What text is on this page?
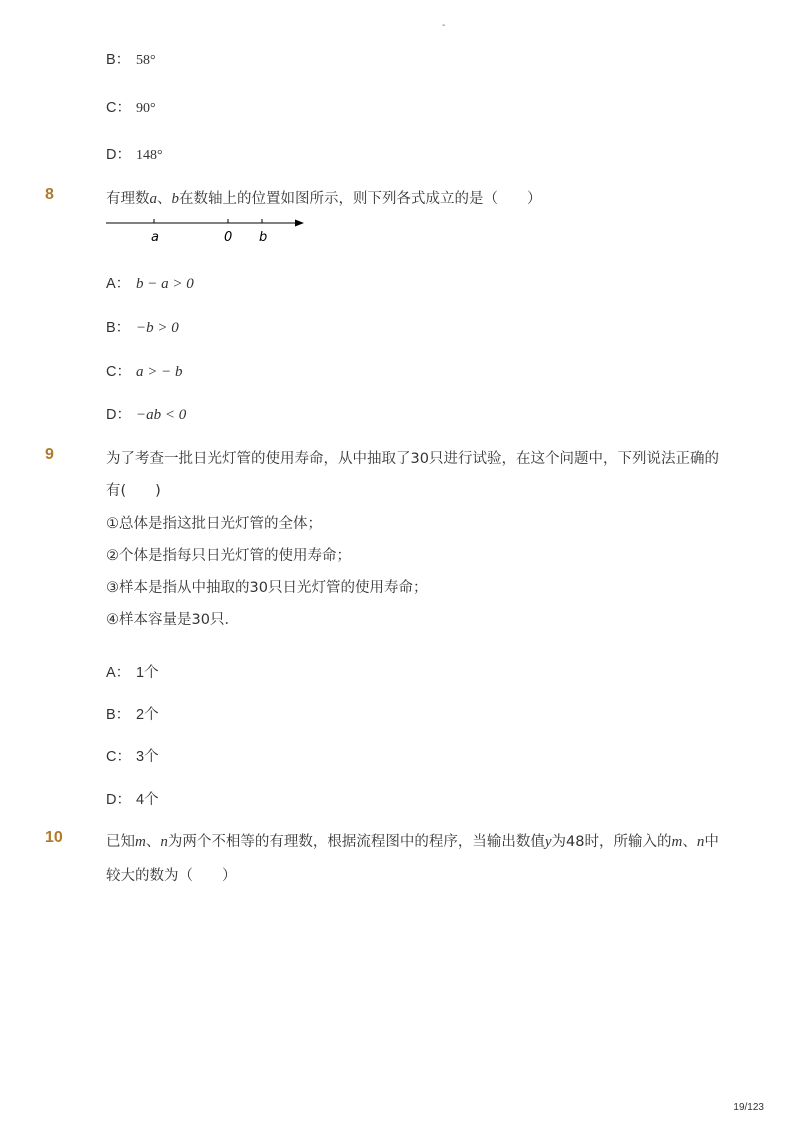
-
B： 58°
C： 90°
D： 148°
8	有理数a、b在数轴上的位置如图所示，则下列各式成立的是（　　）
a	0 b
A： b − a > 0
B： −b > 0
C： a > − b
D： −ab < 0
9	为了考查一批日光灯管的使用寿命，从中抽取了30只进行试验，在这个问题中，下列说法正确的
有(　　)
①总体是指这批日光灯管的全体；
②个体是指每只日光灯管的使用寿命；
③样本是指从中抽取的30只日光灯管的使用寿命；
④样本容量是30只．
A： 1个
B： 2个
C： 3个
D： 4个
10	已知m、n为两个不相等的有理数，根据流程图中的程序，当输出数值y为48时，所输入的m、n中
较大的数为（　　）
19/123
